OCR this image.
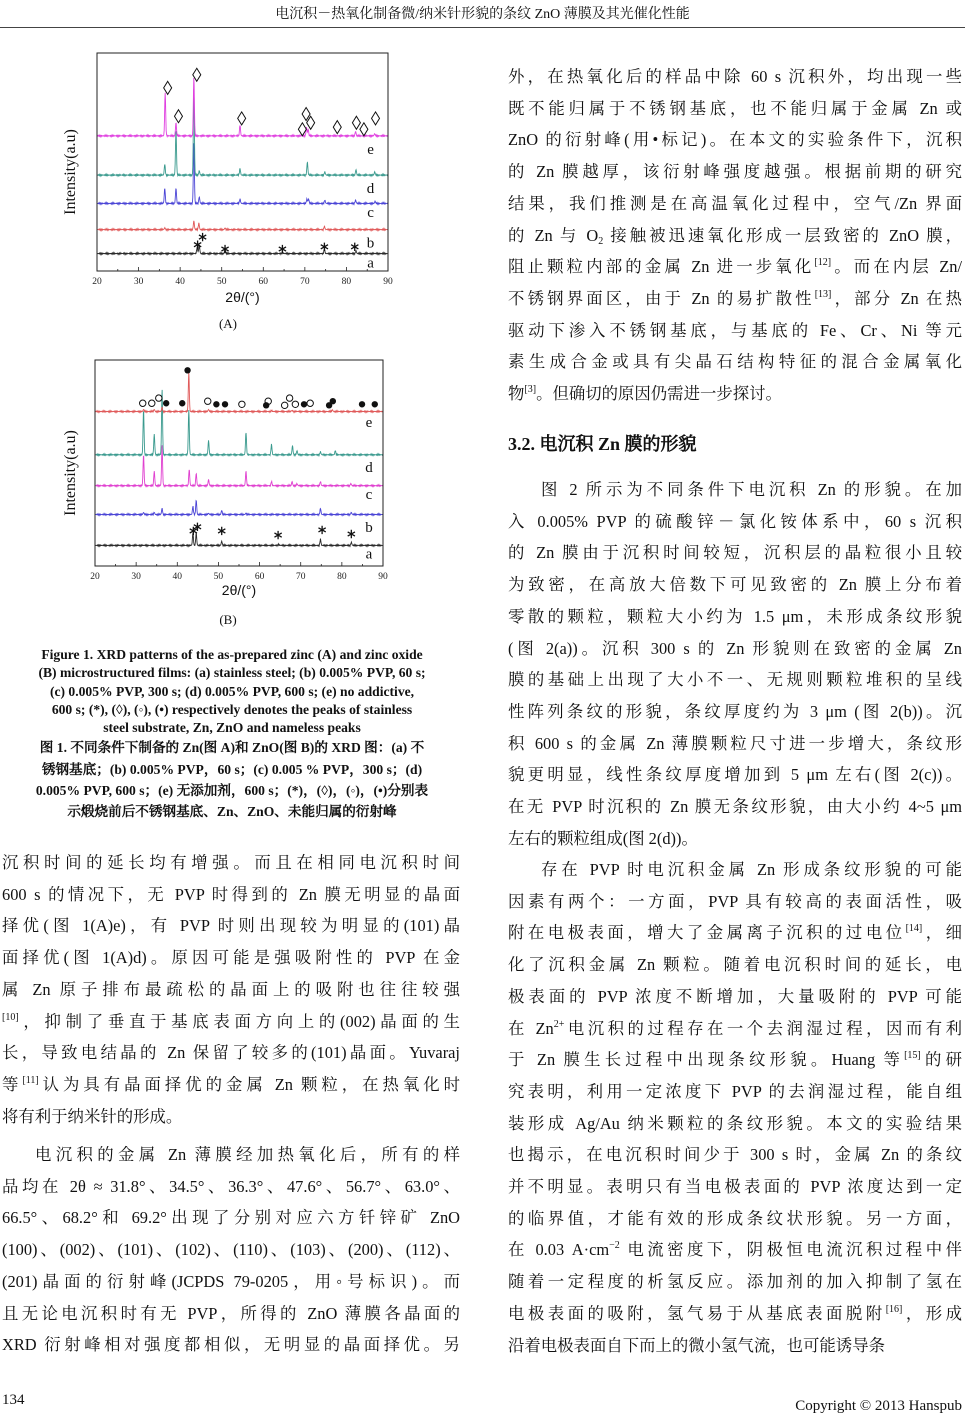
电沉积－热氧化制备微/纳米针形貌的条纹 ZnO 薄膜及其光催化性能
a
b
c
d
e
20	30	40	50	60	70	80	90
2θ/(°)
Intensity(a.u)
(A)
a
b
c
d
e
20	30	40	50	60	70	80	90
2θ/(°)
Intensity(a.u)
(B)
Figure 1. XRD patterns of the as-prepared zinc (A) and zinc oxide
(B) microstructured films: (a) stainless steel; (b) 0.005% PVP, 60 s;
(c) 0.005% PVP, 300 s; (d) 0.005% PVP, 600 s; (e) no addictive,
600 s; (*), (◊), (◦), (•) respectively denotes the peaks of stainless
steel substrate, Zn, ZnO and nameless peaks
图 1. 不同条件下制备的 Zn(图 A)和 ZnO(图 B)的 XRD 图：(a) 不
锈钢基底；(b) 0.005% PVP，60 s；(c) 0.005 % PVP，300 s；(d)
0.005% PVP, 600 s；(e) 无添加剂，600 s；(*)，(◊)，(◦)，(•)分别表
示煅烧前后不锈钢基底、Zn、ZnO、未能归属的衍射峰
沉积时间的延长均有增强。而且在相同电沉积时间
600 s 的情况下，无 PVP 时得到的 Zn 膜无明显的晶面
择优(图 1(A)e)，有 PVP 时则出现较为明显的(101)晶
面择优(图 1(A)d)。原因可能是强吸附性的 PVP 在金
属 Zn 原子排布最疏松的晶面上的吸附也往往较强
[10]，抑制了垂直于基底表面方向上的(002)晶面的生
长，导致电结晶的 Zn 保留了较多的(101)晶面。Yuvaraj
等[11]认为具有晶面择优的金属 Zn 颗粒，在热氧化时
将有利于纳米针的形成。
电沉积的金属 Zn 薄膜经加热氧化后，所有的样
品均在 2θ ≈ 31.8°、34.5°、36.3°、47.6°、56.7°、63.0°、
66.5°、68.2°和 69.2°出现了分别对应六方钎锌矿 ZnO
(100)、(002)、(101)、(102)、(110)、(103)、(200)、(112)、
(201)晶面的衍射峰(JCPDS 79-0205，用◦号标识)。而
且无论电沉积时有无 PVP，所得的 ZnO 薄膜各晶面的
XRD 衍射峰相对强度都相似，无明显的晶面择优。另
外，在热氧化后的样品中除 60 s 沉积外，均出现一些
既不能归属于不锈钢基底，也不能归属于金属 Zn 或
ZnO 的衍射峰(用•标记)。在本文的实验条件下，沉积
的 Zn 膜越厚，该衍射峰强度越强。根据前期的研究
结果，我们推测是在高温氧化过程中，空气/Zn 界面
的 Zn 与 $O_2$ 接触被迅速氧化形成一层致密的 ZnO 膜，
阻止颗粒内部的金属 Zn 进一步氧化[12]。而在内层 Zn/
不锈钢界面区，由于 Zn 的易扩散性[13]，部分 Zn 在热
驱动下渗入不锈钢基底，与基底的 Fe、Cr、Ni 等元
素生成合金或具有尖晶石结构特征的混合金属氧化
物[3]。但确切的原因仍需进一步探讨。
图 2 所示为不同条件下电沉积 Zn 的形貌。在加
入 0.005% PVP 的硫酸锌－氯化铵体系中，60 s 沉积
的 Zn 膜由于沉积时间较短，沉积层的晶粒很小且较
为致密，在高放大倍数下可见致密的 Zn 膜上分布着
零散的颗粒，颗粒大小约为 1.5 μm，未形成条纹形貌
(图 2(a))。沉积 300 s 的 Zn 形貌则在致密的金属 Zn
膜的基础上出现了大小不一、无规则颗粒堆积的呈线
性阵列条纹的形貌，条纹厚度约为 3 μm (图 2(b))。沉
积 600 s 的金属 Zn 薄膜颗粒尺寸进一步增大，条纹形
貌更明显，线性条纹厚度增加到 5 μm 左右(图 2(c))。
在无 PVP 时沉积的 Zn 膜无条纹形貌，由大小约 4~5 μm
左右的颗粒组成(图 2(d))。
存在 PVP 时电沉积金属 Zn 形成条纹形貌的可能
因素有两个：一方面，PVP 具有较高的表面活性，吸
附在电极表面，增大了金属离子沉积的过电位[14]，细
化了沉积金属 Zn 颗粒。随着电沉积时间的延长，电
极表面的 PVP 浓度不断增加，大量吸附的 PVP 可能
在 $Zn^{2+}$电沉积的过程存在一个去润湿过程，因而有利
于 Zn 膜生长过程中出现条纹形貌。Huang 等[15]的研
究表明，利用一定浓度下 PVP 的去润湿过程，能自组
装形成 Ag/Au 纳米颗粒的条纹形貌。本文的实验结果
也揭示，在电沉积时间少于 300 s 时，金属 Zn 的条纹
并不明显。表明只有当电极表面的 PVP 浓度达到一定
的临界值，才能有效的形成条纹状形貌。另一方面，
在 0.03 $A\cdot cm^{-2}$ 电流密度下，阴极恒电流沉积过程中伴
随着一定程度的析氢反应。添加剂的加入抑制了氢在
电极表面的吸附，氢气易于从基底表面脱附[16]，形成
沿着电极表面自下而上的微小氢气流，也可能诱导条
3.2. 电沉积 Zn 膜的形貌
134	Copyright © 2013 Hanspub
